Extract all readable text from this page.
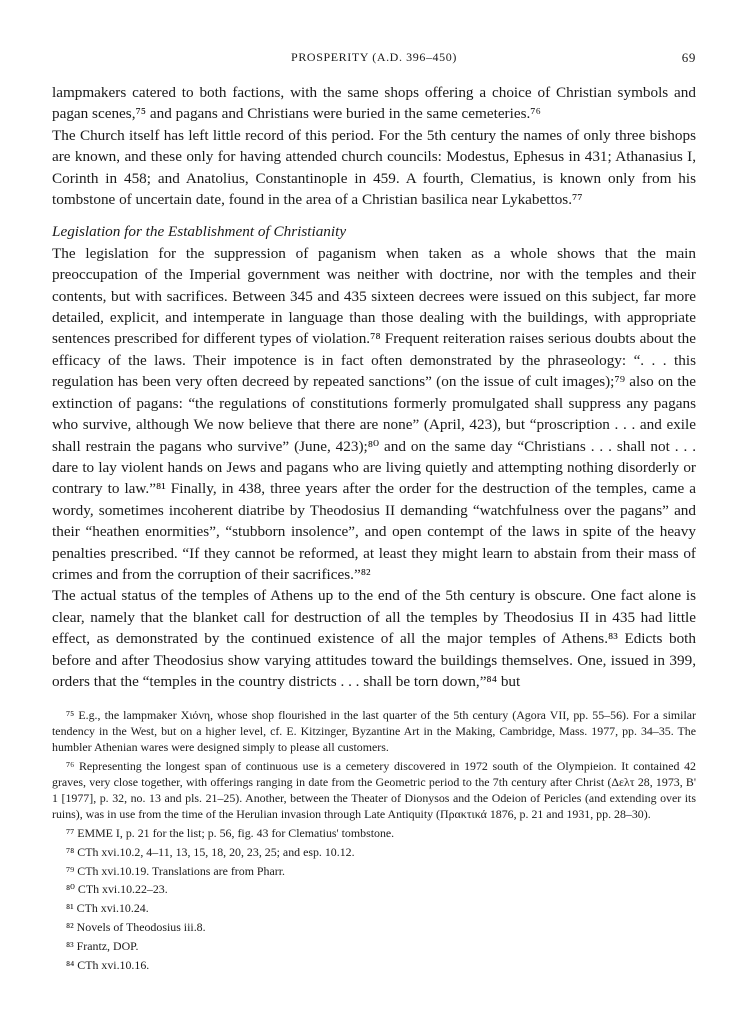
PROSPERITY (A.D. 396–450)	69

lampmakers catered to both factions, with the same shops offering a choice of Christian symbols and pagan scenes,⁷⁵ and pagans and Christians were buried in the same cemeteries.⁷⁶

The Church itself has left little record of this period. For the 5th century the names of only three bishops are known, and these only for having attended church councils: Modestus, Ephesus in 431; Athanasius I, Corinth in 458; and Anatolius, Constantinople in 459. A fourth, Clematius, is known only from his tombstone of uncertain date, found in the area of a Christian basilica near Lykabettos.⁷⁷

Legislation for the Establishment of Christianity

The legislation for the suppression of paganism when taken as a whole shows that the main preoccupation of the Imperial government was neither with doctrine, nor with the temples and their contents, but with sacrifices. Between 345 and 435 sixteen decrees were issued on this subject, far more detailed, explicit, and intemperate in language than those dealing with the buildings, with appropriate sentences prescribed for different types of violation.⁷⁸ Frequent reiteration raises serious doubts about the efficacy of the laws. Their impotence is in fact often demonstrated by the phraseology: “. . . this regulation has been very often decreed by repeated sanctions” (on the issue of cult images);⁷⁹ also on the extinction of pagans: “the regulations of constitutions formerly promulgated shall suppress any pagans who survive, although We now believe that there are none” (April, 423), but “proscription . . . and exile shall restrain the pagans who survive” (June, 423);⁸⁰ and on the same day “Christians . . . shall not . . . dare to lay violent hands on Jews and pagans who are living quietly and attempting nothing disorderly or contrary to law.”⁸¹ Finally, in 438, three years after the order for the destruction of the temples, came a wordy, sometimes incoherent diatribe by Theodosius II demanding “watchfulness over the pagans” and their “heathen enormities”, “stubborn insolence”, and open contempt of the laws in spite of the heavy penalties prescribed. “If they cannot be reformed, at least they might learn to abstain from their mass of crimes and from the corruption of their sacrifices.”⁸²

The actual status of the temples of Athens up to the end of the 5th century is obscure. One fact alone is clear, namely that the blanket call for destruction of all the temples by Theodosius II in 435 had little effect, as demonstrated by the continued existence of all the major temples of Athens.⁸³ Edicts both before and after Theodosius show varying attitudes toward the buildings themselves. One, issued in 399, orders that the “temples in the country districts . . . shall be torn down,”⁸⁴ but

⁷⁵ E.g., the lampmaker Χιόνη, whose shop flourished in the last quarter of the 5th century (Agora VII, pp. 55–56). For a similar tendency in the West, but on a higher level, cf. E. Kitzinger, Byzantine Art in the Making, Cambridge, Mass. 1977, pp. 34–35. The humbler Athenian wares were designed simply to please all customers.

⁷⁶ Representing the longest span of continuous use is a cemetery discovered in 1972 south of the Olympieion. It contained 42 graves, very close together, with offerings ranging in date from the Geometric period to the 7th century after Christ (Δελτ 28, 1973, Β' 1 [1977], p. 32, no. 13 and pls. 21–25). Another, between the Theater of Dionysos and the Odeion of Pericles (and extending over its ruins), was in use from the time of the Herulian invasion through Late Antiquity (Πρακτικά 1876, p. 21 and 1931, pp. 28–30).

⁷⁷ EMME I, p. 21 for the list; p. 56, fig. 43 for Clematius' tombstone.

⁷⁸ CTh xvi.10.2, 4–11, 13, 15, 18, 20, 23, 25; and esp. 10.12.

⁷⁹ CTh xvi.10.19. Translations are from Pharr.

⁸⁰ CTh xvi.10.22–23.

⁸¹ CTh xvi.10.24.

⁸² Novels of Theodosius iii.8.

⁸³ Frantz, DOP.

⁸⁴ CTh xvi.10.16.
